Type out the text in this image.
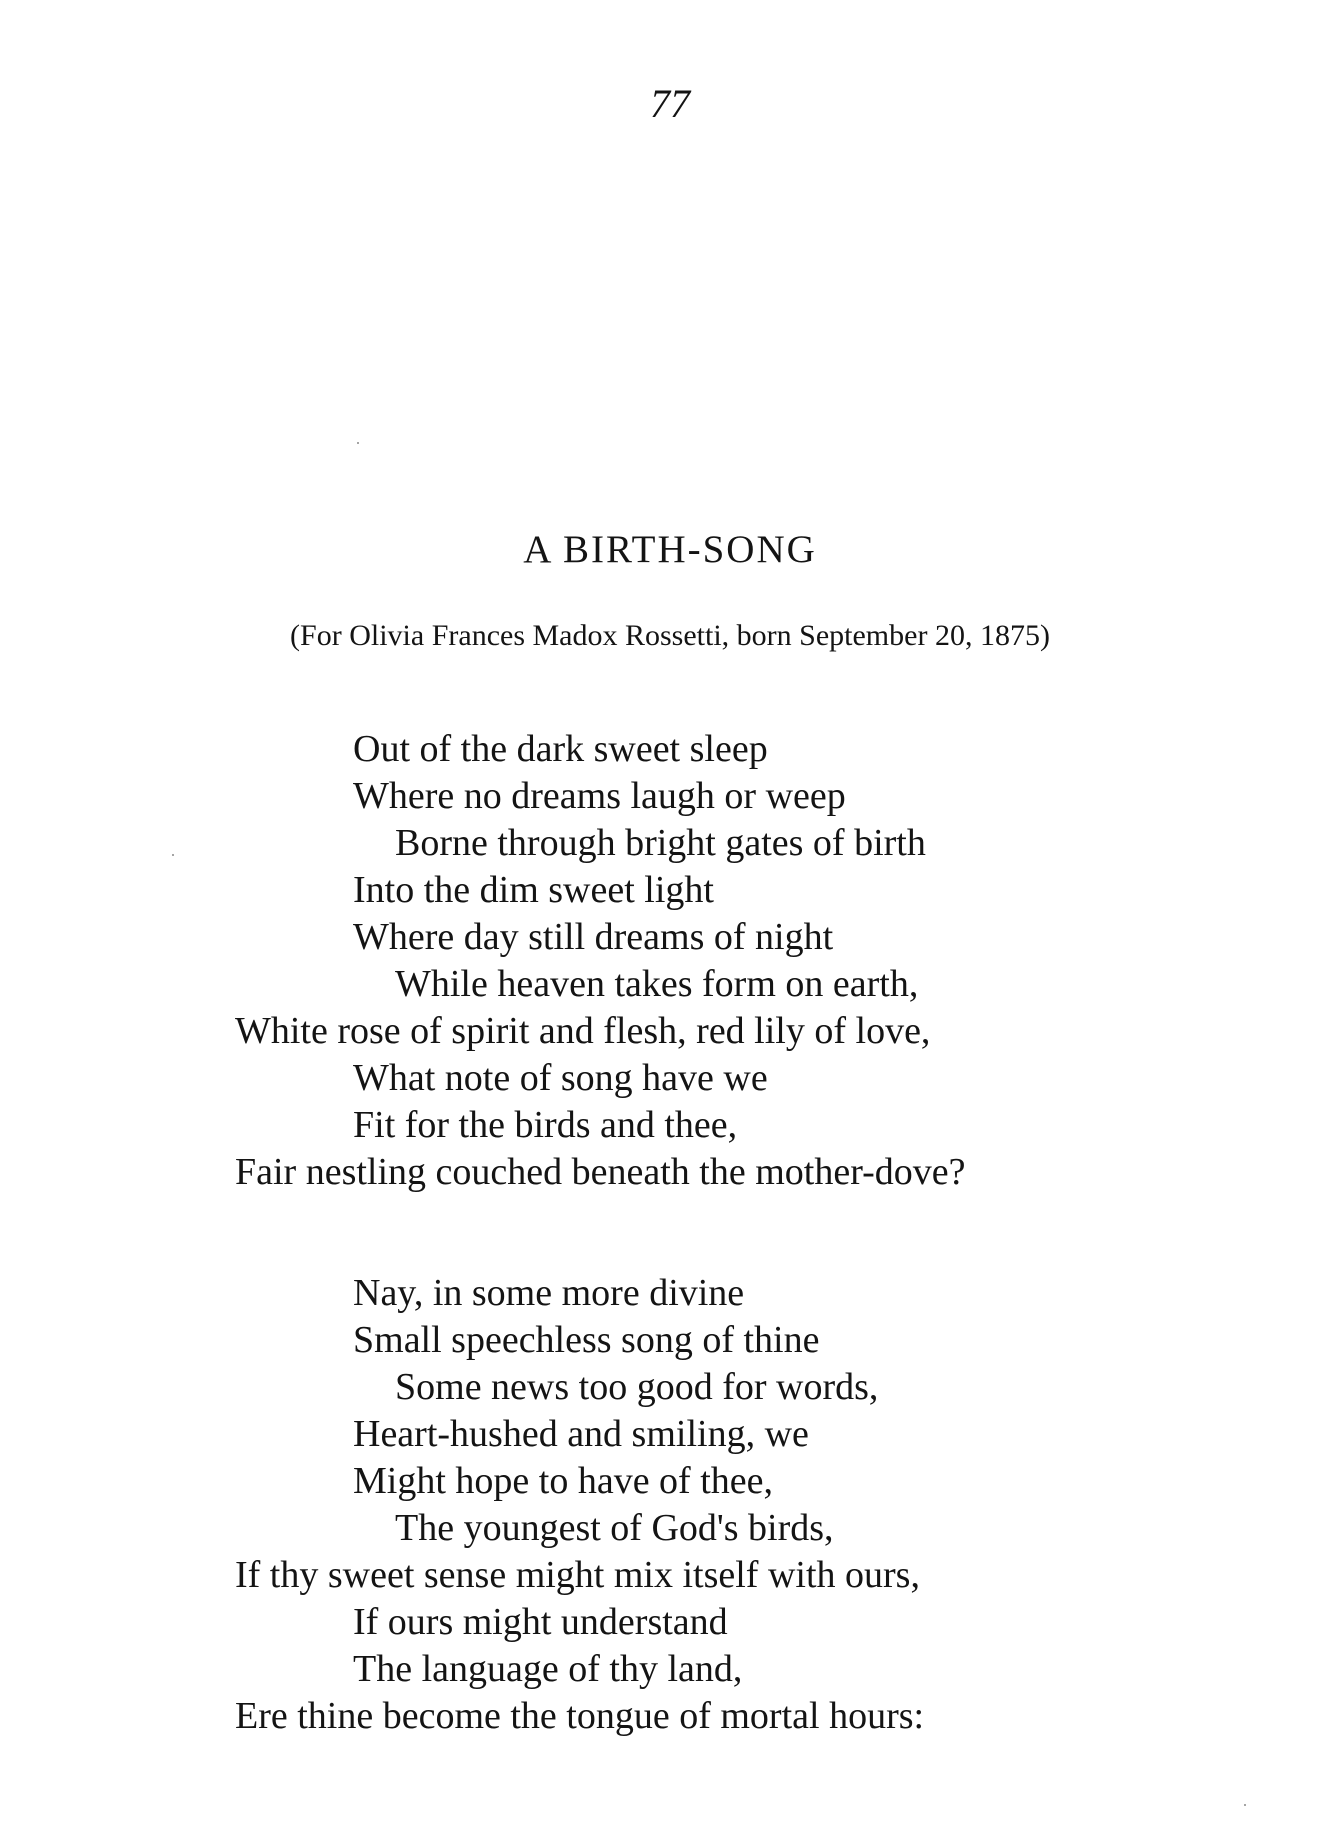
77
A BIRTH-SONG
(For Olivia Frances Madox Rossetti, born September 20, 1875)
Out of the dark sweet sleep
Where no dreams laugh or weep
Borne through bright gates of birth
Into the dim sweet light
Where day still dreams of night
While heaven takes form on earth,
White rose of spirit and flesh, red lily of love,
What note of song have we
Fit for the birds and thee,
Fair nestling couched beneath the mother-dove?
Nay, in some more divine
Small speechless song of thine
Some news too good for words,
Heart-hushed and smiling, we
Might hope to have of thee,
The youngest of God's birds,
If thy sweet sense might mix itself with ours,
If ours might understand
The language of thy land,
Ere thine become the tongue of mortal hours:
